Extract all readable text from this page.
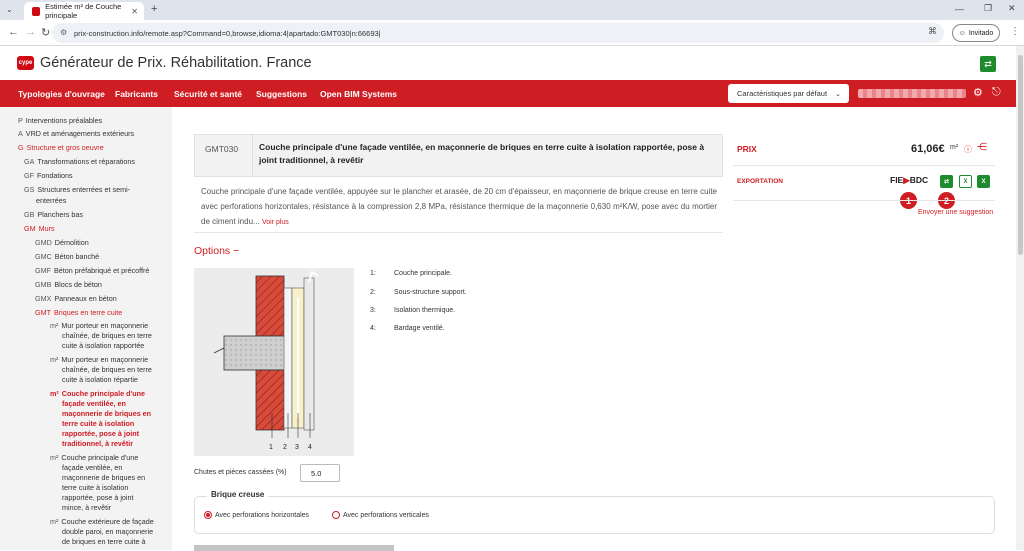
⌄	Estimée m² de Couche principale	✕ +	— ❐ ✕
← → ↻ ⚙ prix-construction.info/remote.asp?Command=0,browse,idioma:4|apartado:GMT030|n:66693|	⌘	☺ Invitado ⋮
cype Générateur de Prix. Réhabilitation. France	⇄
Typologies d'ouvrage Fabricants Sécurité et santé Suggestions Open BIM Systems	Caractéristiques par défaut ⌄	⚙ ⎋
P Interventions préalables
A VRD et aménagements extérieurs
G Structure et gros oeuvre
GA Transformations et réparations
GF Fondations
GS Structures enterrées et semi-
enterrées
GB Planchers bas
GM Murs
GMD Démolition
GMC Béton banché
GMF Béton préfabriqué et précoffré
GMB Blocs de béton
GMX Panneaux en béton
GMT Briques en terre cuite
m² Mur porteur en maçonnerie
chaînée, de briques en terre
cuite à isolation rapportée
m² Mur porteur en maçonnerie
chaînée, de briques en terre
cuite à isolation répartie
m² Couche principale d'une
façade ventilée, en
maçonnerie de briques en
terre cuite à isolation
rapportée, pose à joint
traditionnel, à revêtir
m² Couche principale d'une
façade ventilée, en
maçonnerie de briques en
terre cuite à isolation
rapportée, pose à joint
mince, à revêtir
m² Couche extérieure de façade
double paroi, en maçonnerie
de briques en terre cuite à
GMT030 Couche principale d'une façade ventilée, en maçonnerie de briques en terre cuite à isolation rapportée, pose à joint traditionnel, à revêtir
Couche principale d'une façade ventilée, appuyée sur le plancher et arasée, de 20 cm d'épaisseur, en maçonnerie de brique creuse en terre cuite avec perforations horizontales, résistance à la compression 2,8 MPa, résistance thermique de la maçonnerie 0,630 m²K/W, pose avec du mortier de ciment indu... Voir plus
Options −
1 2 3 4
1:	Couche principale.
2:	Sous-structure support.
3:	Isolation thermique.
4:	Bardage ventilé.
Chutes et pièces cassées (%)	5.0
Brique creuse
Avec perforations horizontales	Avec perforations verticales
PRIX	61,06€ m² ⓘ ⋲
EXPORTATION	FIE▶BDC	⇄	X	X
Envoyer une suggestion
